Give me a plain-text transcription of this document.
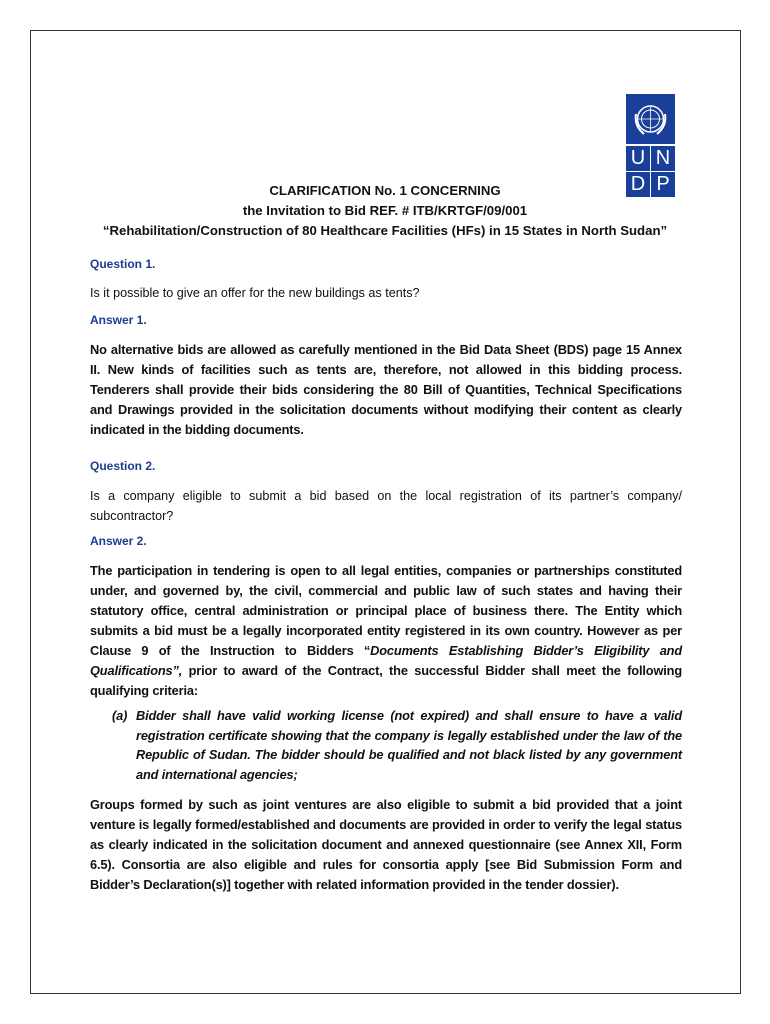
U N
D P
CLARIFICATION No. 1 CONCERNING
the Invitation to Bid REF. # ITB/KRTGF/09/001
“Rehabilitation/Construction of 80 Healthcare Facilities (HFs) in 15 States in North Sudan”
Question 1.
Is it possible to give an offer for the new buildings as tents?
Answer 1.
No alternative bids are allowed as carefully mentioned in the Bid Data Sheet (BDS) page 15 Annex II. New kinds of facilities such as tents are, therefore, not allowed in this bidding process. Tenderers shall provide their bids considering the 80 Bill of Quantities, Technical Specifications and Drawings provided in the solicitation documents without modifying their content as clearly indicated in the bidding documents.
Question 2.
Is a company eligible to submit a bid based on the local registration of its partner’s company/ subcontractor?
Answer 2.
The participation in tendering is open to all legal entities, companies or partnerships constituted under, and governed by, the civil, commercial and public law of such states and having their statutory office, central administration or principal place of business there. The Entity which submits a bid must be a legally incorporated entity registered in its own country. However as per Clause 9 of the Instruction to Bidders “Documents Establishing Bidder’s Eligibility and Qualifications”, prior to award of the Contract, the successful Bidder shall meet the following qualifying criteria:
(a) Bidder shall have valid working license (not expired) and shall ensure to have a valid registration certificate showing that the company is legally established under the law of the Republic of Sudan. The bidder should be qualified and not black listed by any government and international agencies;
Groups formed by such as joint ventures are also eligible to submit a bid provided that a joint venture is legally formed/established and documents are provided in order to verify the legal status as clearly indicated in the solicitation document and annexed questionnaire (see Annex XII, Form 6.5). Consortia are also eligible and rules for consortia apply [see Bid Submission Form and Bidder’s Declaration(s)] together with related information provided in the tender dossier).
